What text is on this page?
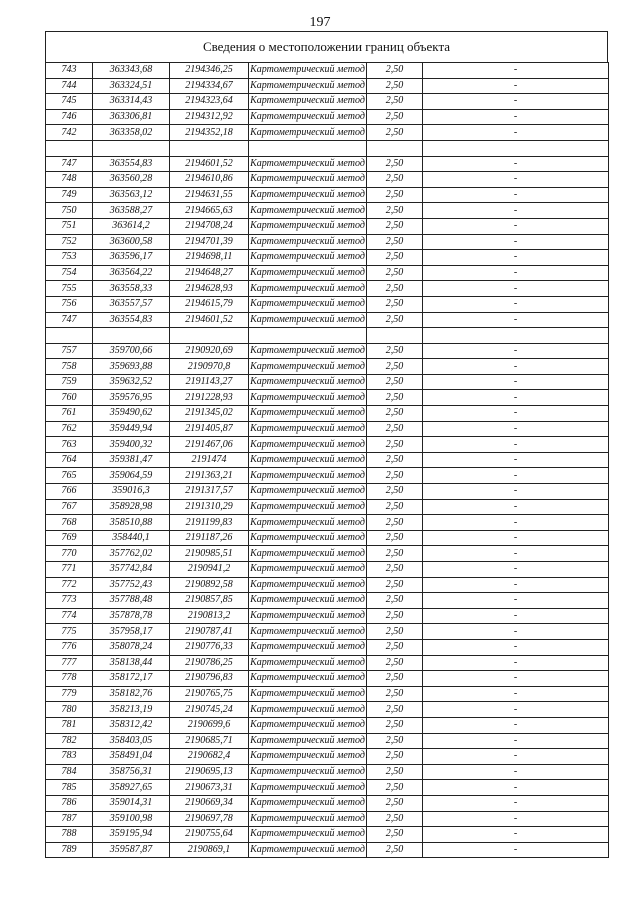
197
Сведения о местоположении границ объекта
743	363343,68	2194346,25	Картометрический метод	2,50	-
744	363324,51	2194334,67	Картометрический метод	2,50	-
745	363314,43	2194323,64	Картометрический метод	2,50	-
746	363306,81	2194312,92	Картометрический метод	2,50	-
742	363358,02	2194352,18	Картометрический метод	2,50	-

747	363554,83	2194601,52	Картометрический метод	2,50	-
748	363560,28	2194610,86	Картометрический метод	2,50	-
749	363563,12	2194631,55	Картометрический метод	2,50	-
750	363588,27	2194665,63	Картометрический метод	2,50	-
751	363614,2	2194708,24	Картометрический метод	2,50	-
752	363600,58	2194701,39	Картометрический метод	2,50	-
753	363596,17	2194698,11	Картометрический метод	2,50	-
754	363564,22	2194648,27	Картометрический метод	2,50	-
755	363558,33	2194628,93	Картометрический метод	2,50	-
756	363557,57	2194615,79	Картометрический метод	2,50	-
747	363554,83	2194601,52	Картометрический метод	2,50	-

757	359700,66	2190920,69	Картометрический метод	2,50	-
758	359693,88	2190970,8	Картометрический метод	2,50	-
759	359632,52	2191143,27	Картометрический метод	2,50	-
760	359576,95	2191228,93	Картометрический метод	2,50	-
761	359490,62	2191345,02	Картометрический метод	2,50	-
762	359449,94	2191405,87	Картометрический метод	2,50	-
763	359400,32	2191467,06	Картометрический метод	2,50	-
764	359381,47	2191474	Картометрический метод	2,50	-
765	359064,59	2191363,21	Картометрический метод	2,50	-
766	359016,3	2191317,57	Картометрический метод	2,50	-
767	358928,98	2191310,29	Картометрический метод	2,50	-
768	358510,88	2191199,83	Картометрический метод	2,50	-
769	358440,1	2191187,26	Картометрический метод	2,50	-
770	357762,02	2190985,51	Картометрический метод	2,50	-
771	357742,84	2190941,2	Картометрический метод	2,50	-
772	357752,43	2190892,58	Картометрический метод	2,50	-
773	357788,48	2190857,85	Картометрический метод	2,50	-
774	357878,78	2190813,2	Картометрический метод	2,50	-
775	357958,17	2190787,41	Картометрический метод	2,50	-
776	358078,24	2190776,33	Картометрический метод	2,50	-
777	358138,44	2190786,25	Картометрический метод	2,50	-
778	358172,17	2190796,83	Картометрический метод	2,50	-
779	358182,76	2190765,75	Картометрический метод	2,50	-
780	358213,19	2190745,24	Картометрический метод	2,50	-
781	358312,42	2190699,6	Картометрический метод	2,50	-
782	358403,05	2190685,71	Картометрический метод	2,50	-
783	358491,04	2190682,4	Картометрический метод	2,50	-
784	358756,31	2190695,13	Картометрический метод	2,50	-
785	358927,65	2190673,31	Картометрический метод	2,50	-
786	359014,31	2190669,34	Картометрический метод	2,50	-
787	359100,98	2190697,78	Картометрический метод	2,50	-
788	359195,94	2190755,64	Картометрический метод	2,50	-
789	359587,87	2190869,1	Картометрический метод	2,50	-
